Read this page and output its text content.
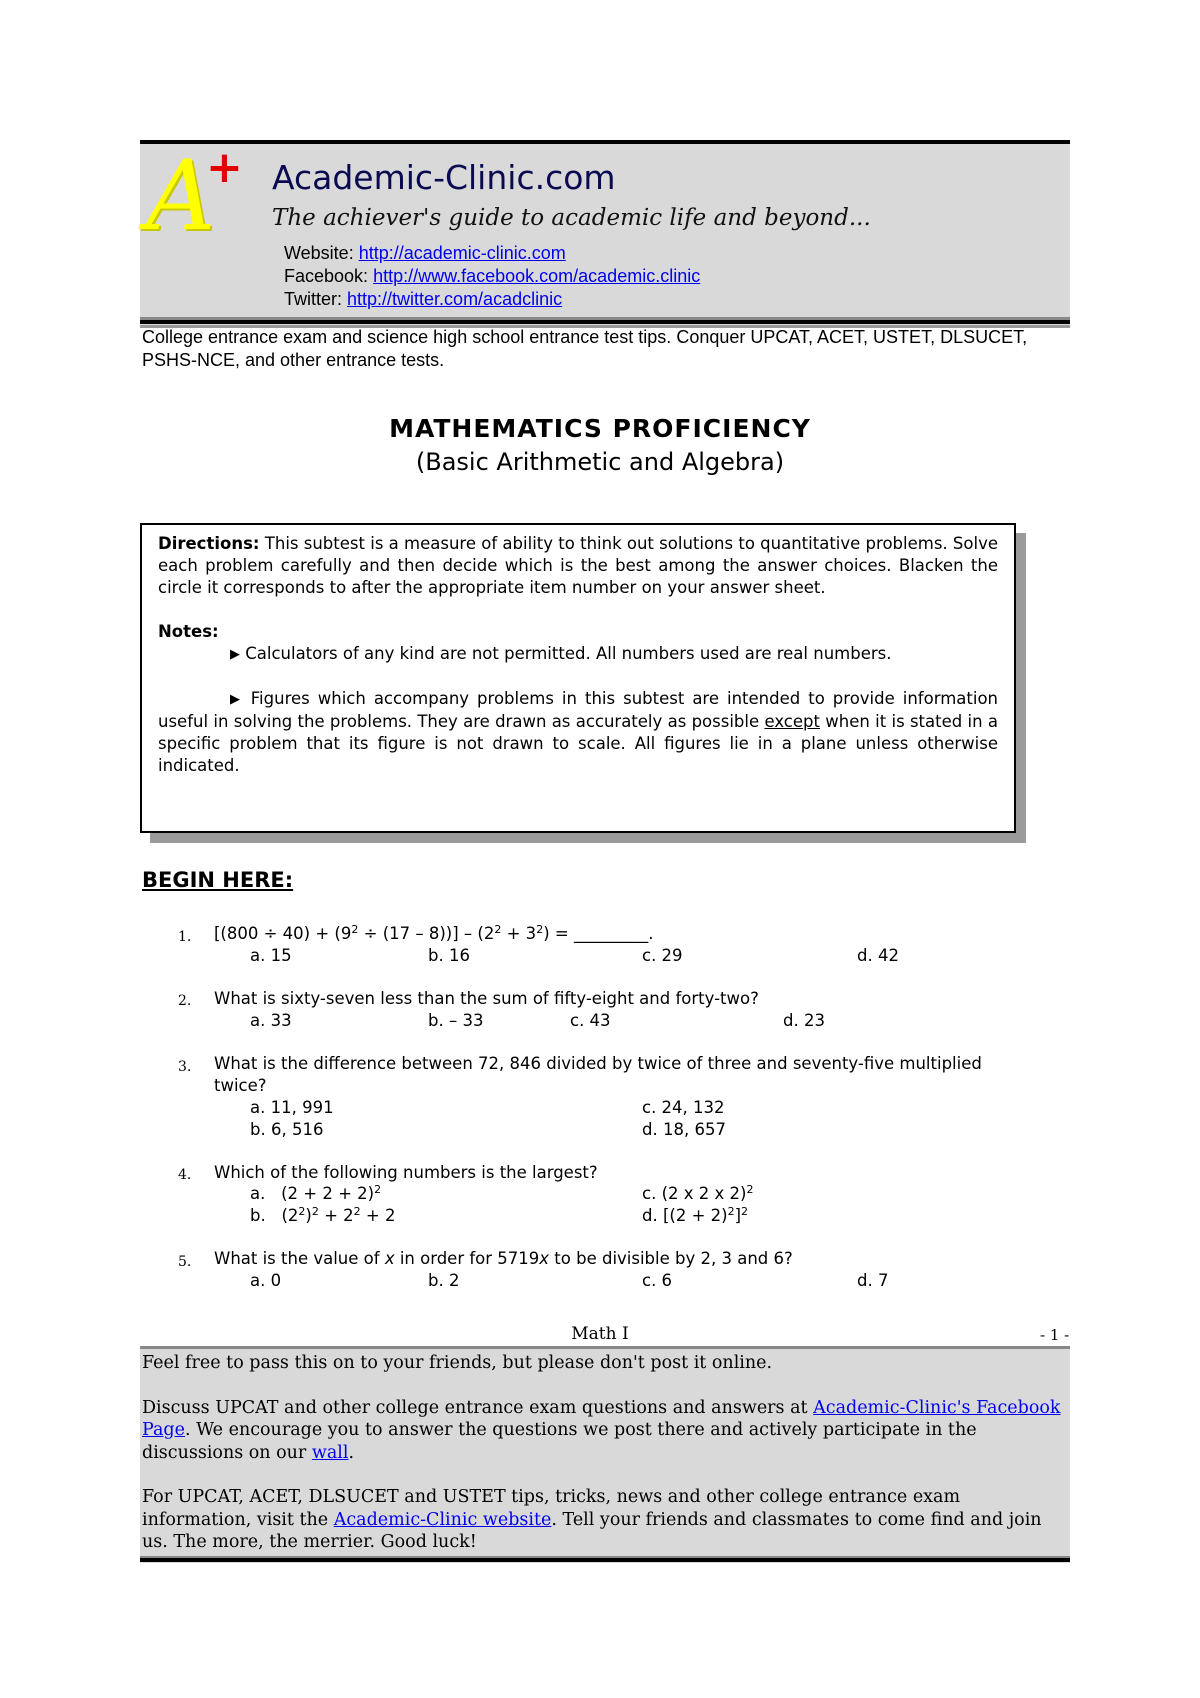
A
+ Academic-Clinic.com
The achiever's guide to academic life and beyond...
Website: http://academic-clinic.com
Facebook: http://www.facebook.com/academic.clinic
Twitter: http://twitter.com/acadclinic
College entrance exam and science high school entrance test tips. Conquer UPCAT, ACET, USTET, DLSUCET, PSHS-NCE, and other entrance tests.
MATHEMATICS PROFICIENCY
(Basic Arithmetic and Algebra)

Directions: This subtest is a measure of ability to think out solutions to quantitative problems. Solve each problem carefully and then decide which is the best among the answer choices. Blacken the circle it corresponds to after the appropriate item number on your answer sheet.

Notes:

▶ Calculators of any kind are not permitted. All numbers used are real numbers.

▶ Figures which accompany problems in this subtest are intended to provide information useful in solving the problems. They are drawn as accurately as possible except when it is stated in a specific problem that its figure is not drawn to scale. All figures lie in a plane unless otherwise indicated.

BEGIN HERE:
1. $[(800 \div 40) + (9^2 \div (17 - 8))] - (2^2 + 3^2)$ = _________.
a. 15	b. 16	c. 29	d. 42
2. What is sixty-seven less than the sum of fifty-eight and forty-two?
a. 33	b. – 33	c. 43	d. 23
3. What is the difference between 72, 846 divided by twice of three and seventy-five multiplied
twice?
a. 11, 991
b. 6, 516
c. 24, 132
d. 18, 657
4. Which of the following numbers is the largest?
a.   $(2 + 2 + 2)^2$
b.   $(2^2)^2 + 2^2 + 2$
c. (2 x 2 x 2)$^2$
d. $[(2 + 2)^2]^2$
5. What is the value of x in order for 5719x to be divisible by 2, 3 and 6?
a. 0	b. 2	c. 6	d. 7
Math I	- 1 -

Feel free to pass this on to your friends, but please don't post it online.

Discuss UPCAT and other college entrance exam questions and answers at Academic-Clinic's Facebook Page. We encourage you to answer the questions we post there and actively participate in the discussions on our wall.

For UPCAT, ACET, DLSUCET and USTET tips, tricks, news and other college entrance exam information, visit the Academic-Clinic website. Tell your friends and classmates to come find and join us. The more, the merrier. Good luck!
